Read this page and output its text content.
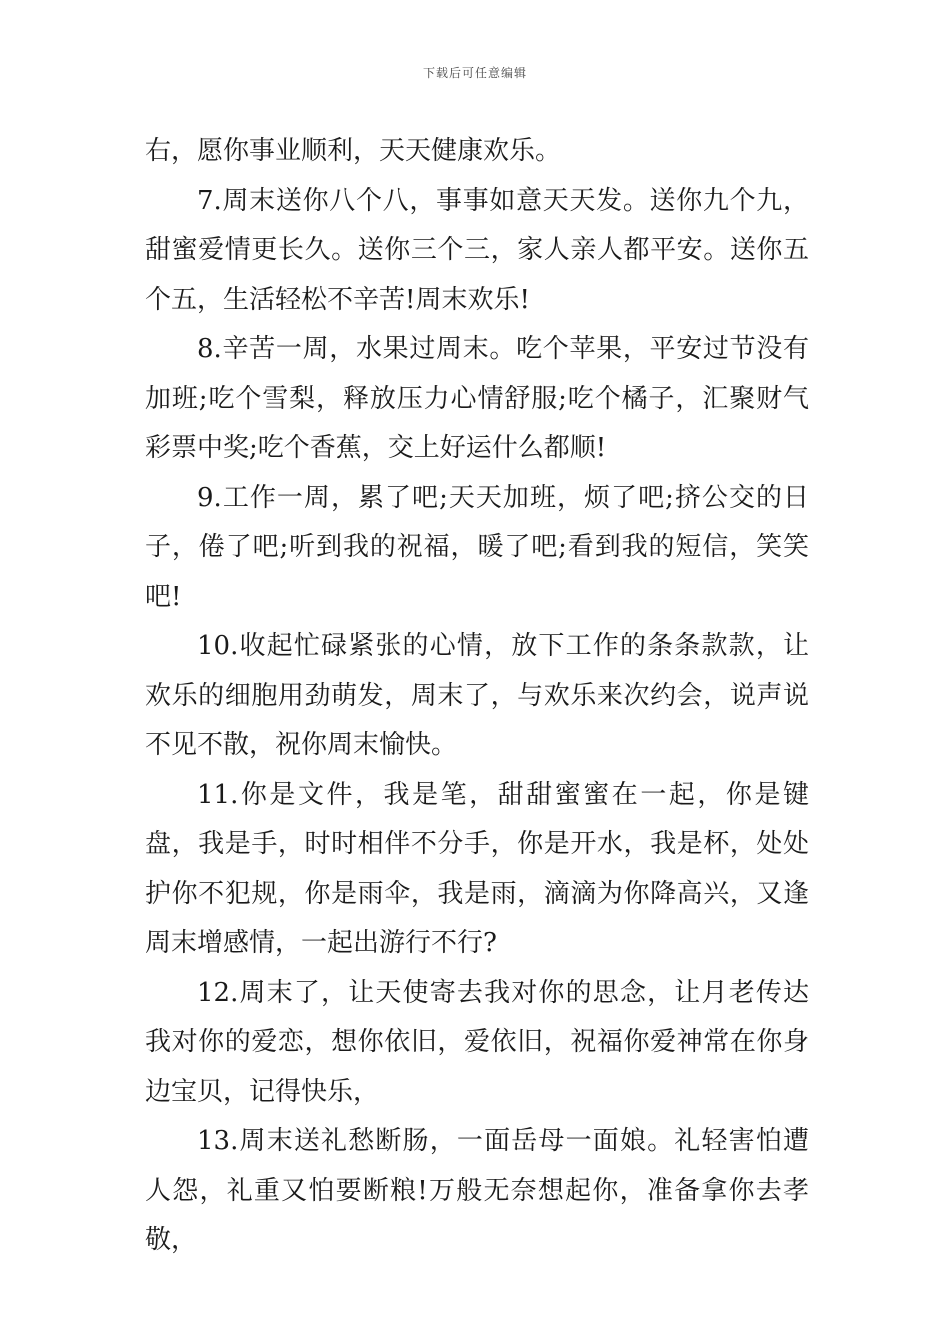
下载后可任意编辑

右，愿你事业顺利，天天健康欢乐。

7.周末送你八个八，事事如意天天发。送你九个九，甜蜜爱情更长久。送你三个三，家人亲人都平安。送你五个五，生活轻松不辛苦!周末欢乐!

8.辛苦一周，水果过周末。吃个苹果，平安过节没有加班;吃个雪梨，释放压力心情舒服;吃个橘子，汇聚财气彩票中奖;吃个香蕉，交上好运什么都顺!

9.工作一周，累了吧;天天加班，烦了吧;挤公交的日子，倦了吧;听到我的祝福，暖了吧;看到我的短信，笑笑吧!

10.收起忙碌紧张的心情，放下工作的条条款款，让欢乐的细胞用劲萌发，周末了，与欢乐来次约会，说声说不见不散，祝你周末愉快。

11.你是文件，我是笔，甜甜蜜蜜在一起，你是键盘，我是手，时时相伴不分手，你是开水，我是杯，处处护你不犯规，你是雨伞，我是雨，滴滴为你降高兴，又逢周末增感情，一起出游行不行?

12.周末了，让天使寄去我对你的思念，让月老传达我对你的爱恋，想你依旧，爱依旧，祝福你爱神常在你身边宝贝，记得快乐，

13.周末送礼愁断肠，一面岳母一面娘。礼轻害怕遭人怨，礼重又怕要断粮!万般无奈想起你，准备拿你去孝敬，
